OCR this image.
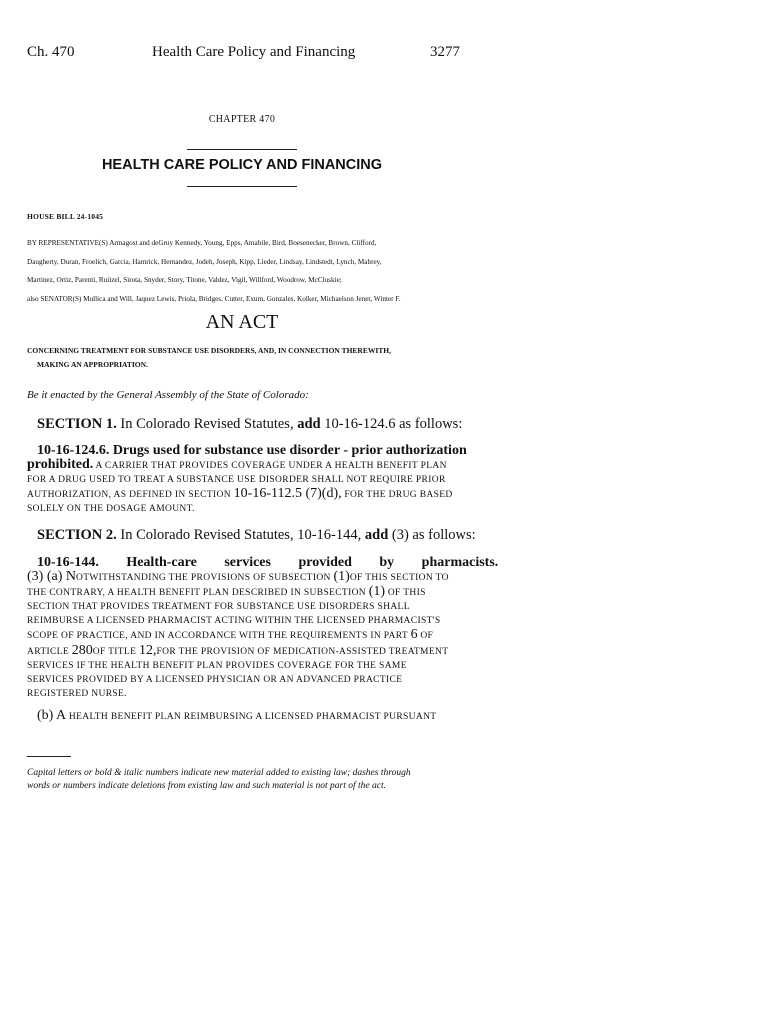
Ch. 470	Health Care Policy and Financing	3277
CHAPTER 470
HEALTH CARE POLICY AND FINANCING
HOUSE BILL 24-1045
BY REPRESENTATIVE(S) Armagost and deGruy Kennedy, Young, Epps, Amabile, Bird, Boesenecker, Brown, Clifford,
Daugherty, Duran, Froelich, Garcia, Hamrick, Hernandez, Jodeh, Joseph, Kipp, Lieder, Lindsay, Lindstedt, Lynch, Mabrey,
Martinez, Ortiz, Parenti, Ruiizel, Sirota, Snyder, Story, Titone, Valdez, Vigil, Willford, Woodrow, McCluskie;
also SENATOR(S) Mullica and Will, Jaquez Lewis, Priola, Bridges, Cutter, Exum, Gonzales, Kolker, Michaelson Jenet, Winter F.
AN ACT
CONCERNING TREATMENT FOR SUBSTANCE USE DISORDERS, AND, IN CONNECTION THEREWITH,
MAKING AN APPROPRIATION.
Be it enacted by the General Assembly of the State of Colorado:
SECTION 1. In Colorado Revised Statutes, add 10-16-124.6 as follows:
10-16-124.6. Drugs used for substance use disorder - prior authorization
prohibited. A CARRIER THAT PROVIDES COVERAGE UNDER A HEALTH BENEFIT PLAN
FOR A DRUG USED TO TREAT A SUBSTANCE USE DISORDER SHALL NOT REQUIRE PRIOR
AUTHORIZATION, AS DEFINED IN SECTION 10-16-112.5 (7)(d), FOR THE DRUG BASED
SOLELY ON THE DOSAGE AMOUNT.
SECTION 2. In Colorado Revised Statutes, 10-16-144, add (3) as follows:
10-16-144. Health-care services provided by pharmacists.
(3) (a) NOTWITHSTANDING THE PROVISIONS OF SUBSECTION (1)OF THIS SECTION TO
THE CONTRARY, A HEALTH BENEFIT PLAN DESCRIBED IN SUBSECTION (1) OF THIS
SECTION THAT PROVIDES TREATMENT FOR SUBSTANCE USE DISORDERS SHALL
REIMBURSE A LICENSED PHARMACIST ACTING WITHIN THE LICENSED PHARMACIST'S
SCOPE OF PRACTICE, AND IN ACCORDANCE WITH THE REQUIREMENTS IN PART 6 OF
ARTICLE 280OF TITLE 12,FOR THE PROVISION OF MEDICATION-ASSISTED TREATMENT
SERVICES IF THE HEALTH BENEFIT PLAN PROVIDES COVERAGE FOR THE SAME
SERVICES PROVIDED BY A LICENSED PHYSICIAN OR AN ADVANCED PRACTICE
REGISTERED NURSE.
(b) A HEALTH BENEFIT PLAN REIMBURSING A LICENSED PHARMACIST PURSUANT
Capital letters or bold & italic numbers indicate new material added to existing law; dashes through
words or numbers indicate deletions from existing law and such material is not part of the act.
